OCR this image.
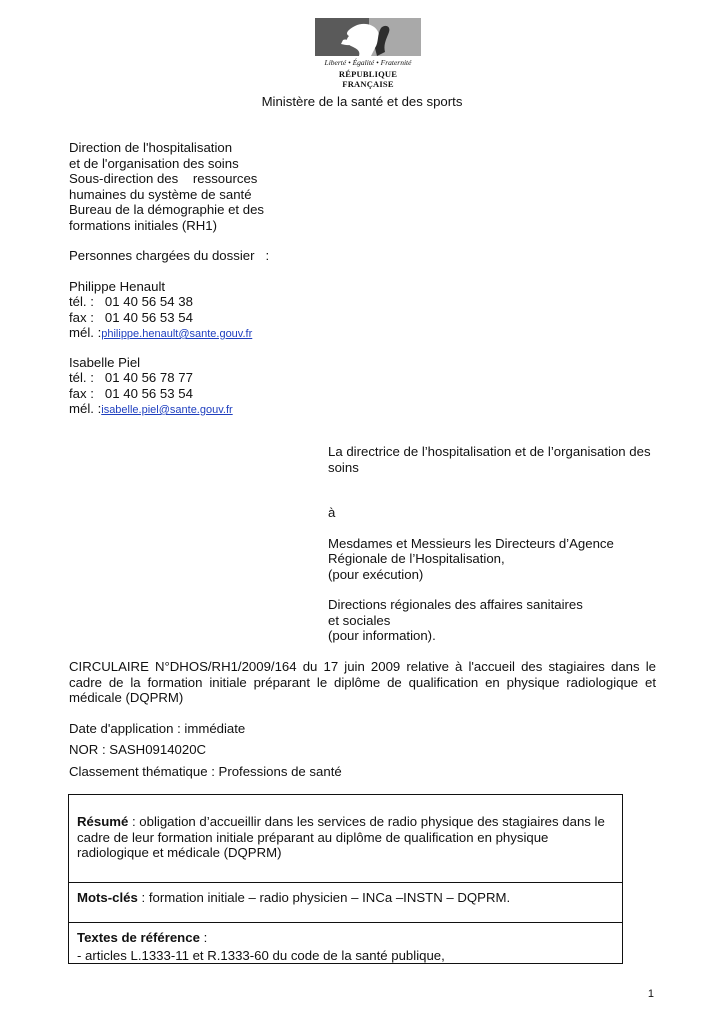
Liberté • Égalité • Fraternité
RÉPUBLIQUE FRANÇAISE
Ministère de la santé et des sports
Direction de l'hospitalisation
et de l'organisation des soins
Sous-direction des    ressources
humaines du système de santé
Bureau de la démographie et des
formations initiales (RH1)
Personnes chargées du dossier   :
Philippe Henault
tél. :   01 40 56 54 38
fax :   01 40 56 53 54
mél. :philippe.henault@sante.gouv.fr
Isabelle Piel
tél. :   01 40 56 78 77
fax :   01 40 56 53 54
mél. :isabelle.piel@sante.gouv.fr
La directrice de l’hospitalisation et de l’organisation des
soins
à
Mesdames et Messieurs les Directeurs d’Agence
Régionale de l’Hospitalisation,
(pour exécution)
Directions régionales des affaires sanitaires
et sociales
(pour information).
CIRCULAIRE N°DHOS/RH1/2009/164 du 17 juin 2009 relative à l'accueil des stagiaires dans le cadre de la formation initiale préparant le diplôme de qualification en physique radiologique et médicale (DQPRM)
Date d'application : immédiate
NOR : SASH0914020C
Classement thématique : Professions de santé
Résumé : obligation d’accueillir dans les services de radio physique des stagiaires dans le cadre de leur formation initiale préparant au diplôme de qualification en physique radiologique et médicale (DQPRM)
Mots-clés : formation initiale – radio physicien – INCa –INSTN – DQPRM.
Textes de référence :
- articles L.1333-11 et R.1333-60 du code de la santé publique,
1
